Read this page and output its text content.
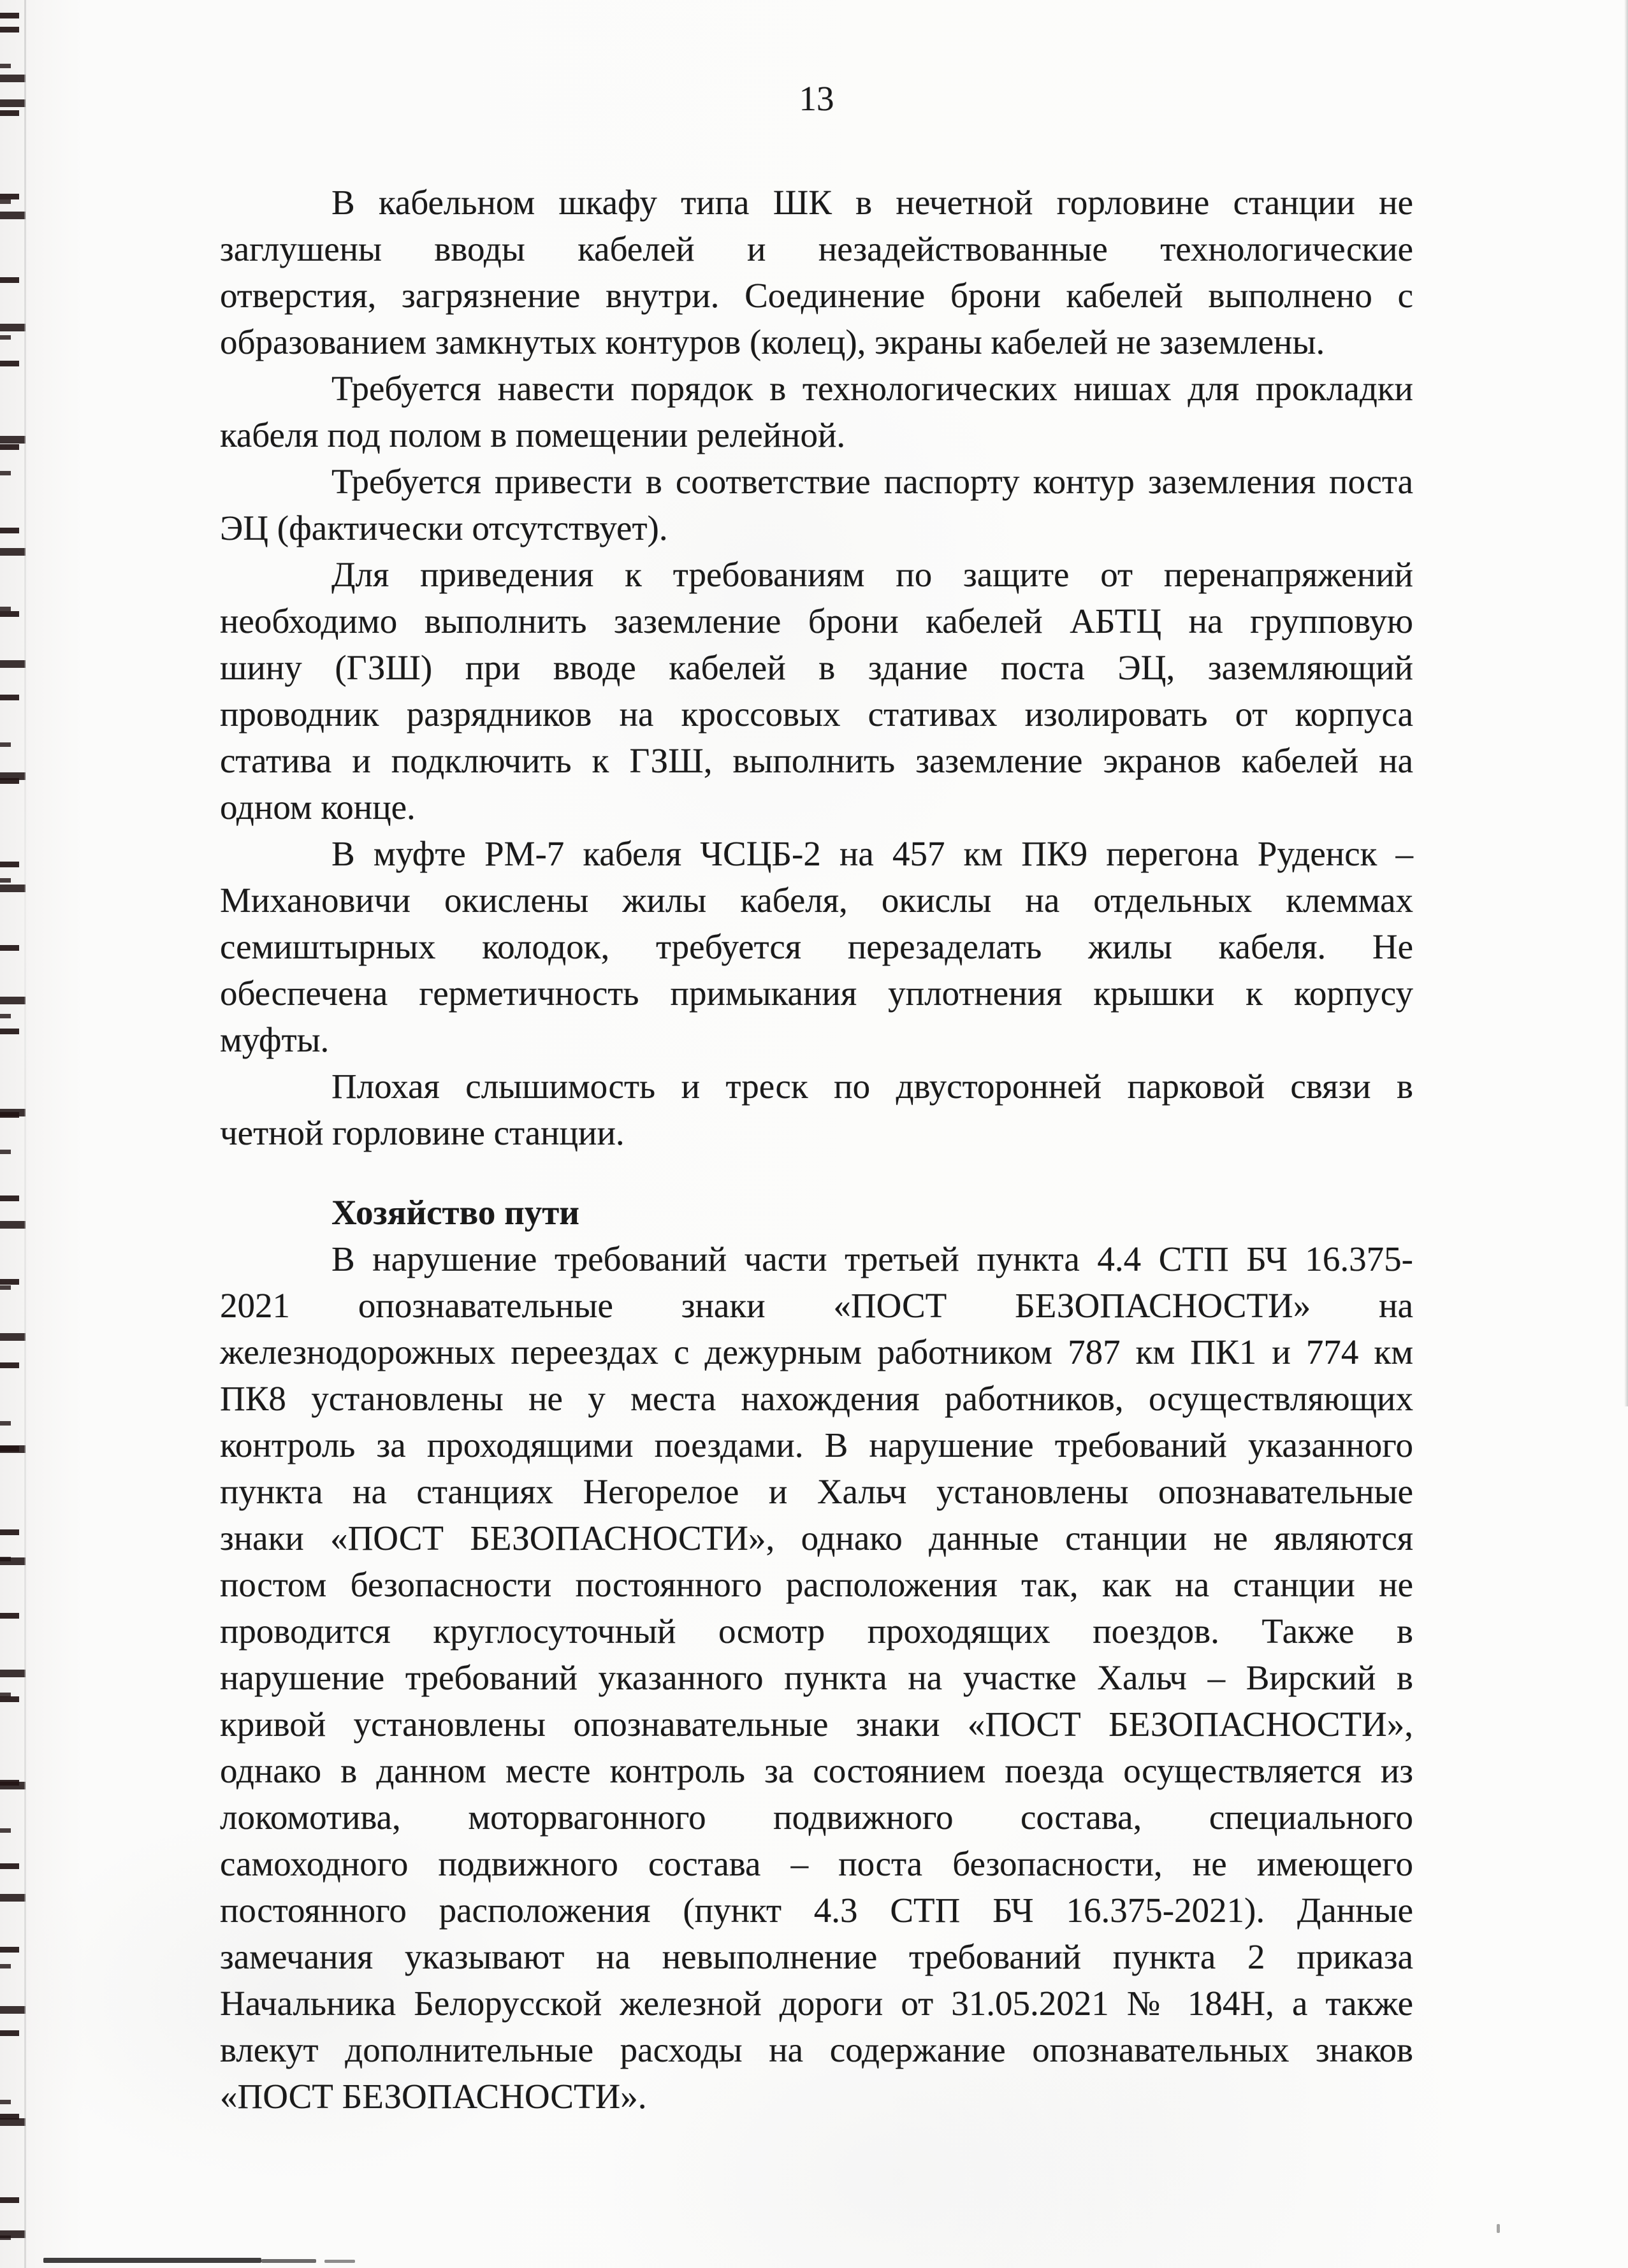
13
В кабельном шкафу типа ШК в нечетной горловине станции не
заглушены вводы кабелей и незадействованные технологические
отверстия, загрязнение внутри. Соединение брони кабелей выполнено с
образованием замкнутых контуров (колец), экраны кабелей не заземлены.
Требуется навести порядок в технологических нишах для прокладки
кабеля под полом в помещении релейной.
Требуется привести в соответствие паспорту контур заземления поста
ЭЦ (фактически отсутствует).
Для приведения к требованиям по защите от перенапряжений
необходимо выполнить заземление брони кабелей АБТЦ на групповую
шину (ГЗШ) при вводе кабелей в здание поста ЭЦ, заземляющий
проводник разрядников на кроссовых стативах изолировать от корпуса
статива и подключить к ГЗШ, выполнить заземление экранов кабелей на
одном конце.
В муфте РМ-7 кабеля ЧСЦБ-2 на 457 км ПК9 перегона Руденск –
Михановичи окислены жилы кабеля, окислы на отдельных клеммах
семиштырных колодок, требуется перезаделать жилы кабеля. Не
обеспечена герметичность примыкания уплотнения крышки к корпусу
муфты.
Плохая слышимость и треск по двусторонней парковой связи в
четной горловине станции.
Хозяйство пути
В нарушение требований части третьей пункта 4.4 СТП БЧ 16.375-
2021 опознавательные знаки «ПОСТ БЕЗОПАСНОСТИ» на
железнодорожных переездах с дежурным работником 787 км ПК1 и 774 км
ПК8 установлены не у места нахождения работников, осуществляющих
контроль за проходящими поездами. В нарушение требований указанного
пункта на станциях Негорелое и Хальч установлены опознавательные
знаки «ПОСТ БЕЗОПАСНОСТИ», однако данные станции не являются
постом безопасности постоянного расположения так, как на станции не
проводится круглосуточный осмотр проходящих поездов. Также в
нарушение требований указанного пункта на участке Хальч – Вирский в
кривой установлены опознавательные знаки «ПОСТ БЕЗОПАСНОСТИ»,
однако в данном месте контроль за состоянием поезда осуществляется из
локомотива, моторвагонного подвижного состава, специального
самоходного подвижного состава – поста безопасности, не имеющего
постоянного расположения (пункт 4.3 СТП БЧ 16.375-2021). Данные
замечания указывают на невыполнение требований пункта 2 приказа
Начальника Белорусской железной дороги от 31.05.2021 № 184Н, а также
влекут дополнительные расходы на содержание опознавательных знаков
«ПОСТ БЕЗОПАСНОСТИ».
